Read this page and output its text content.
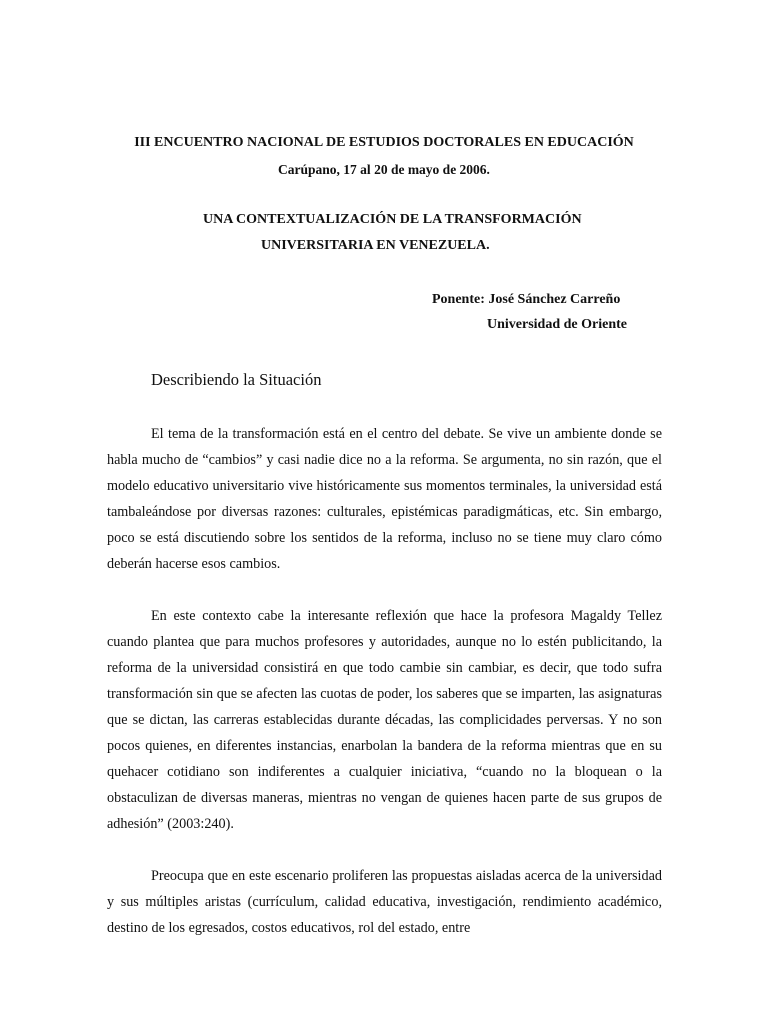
III ENCUENTRO NACIONAL DE ESTUDIOS DOCTORALES EN EDUCACIÓN
Carúpano, 17 al 20 de mayo de 2006.
UNA CONTEXTUALIZACIÓN DE LA TRANSFORMACIÓN
UNIVERSITARIA EN VENEZUELA.
Ponente: José Sánchez Carreño
Universidad de Oriente
Describiendo la Situación
El tema de la transformación está en el centro del debate. Se vive un ambiente donde se habla mucho de “cambios” y casi nadie dice no a la reforma. Se argumenta, no sin razón, que el modelo educativo universitario vive históricamente sus momentos terminales, la universidad está tambaleándose por diversas razones: culturales, epistémicas paradigmáticas, etc. Sin embargo, poco se está discutiendo sobre los sentidos de la reforma, incluso no se tiene muy claro cómo deberán hacerse esos cambios.
En este contexto cabe la interesante reflexión que hace la profesora Magaldy Tellez cuando plantea que para muchos profesores y autoridades, aunque no lo estén publicitando, la reforma de la universidad consistirá en que todo cambie sin cambiar, es decir, que todo sufra transformación sin que se afecten las cuotas de poder, los saberes que se imparten, las asignaturas que se dictan, las carreras establecidas durante décadas, las complicidades perversas. Y no son pocos quienes, en diferentes instancias, enarbolan la bandera de la reforma mientras que en su quehacer cotidiano son indiferentes a cualquier iniciativa, “cuando no la bloquean o la obstaculizan de diversas maneras, mientras no vengan de quienes hacen parte de sus grupos de adhesión” (2003:240).
Preocupa que en este escenario proliferen las propuestas aisladas acerca de la universidad y sus múltiples aristas (currículum, calidad educativa, investigación, rendimiento académico, destino de los egresados, costos educativos, rol del estado, entre
